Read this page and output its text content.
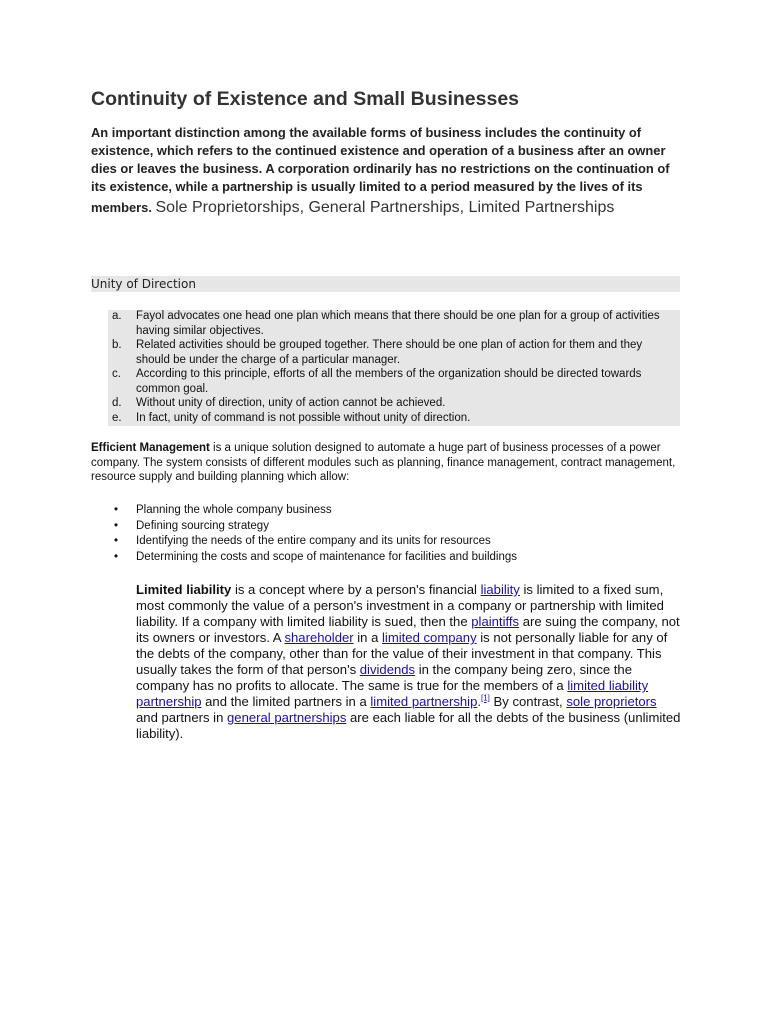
Continuity of Existence and Small Businesses

An important distinction among the available forms of business includes the continuity of existence, which refers to the continued existence and operation of a business after an owner dies or leaves the business. A corporation ordinarily has no restrictions on the continuation of its existence, while a partnership is usually limited to a period measured by the lives of its members. Sole Proprietorships, General Partnerships, Limited Partnerships

Unity of Direction
a. Fayol advocates one head one plan which means that there should be one plan for a group of activities having similar objectives.
b. Related activities should be grouped together. There should be one plan of action for them and they should be under the charge of a particular manager.
c. According to this principle, efforts of all the members of the organization should be directed towards common goal.
d. Without unity of direction, unity of action cannot be achieved.
e. In fact, unity of command is not possible without unity of direction.

Efficient Management is a unique solution designed to automate a huge part of business processes of a power company. The system consists of different modules such as planning, finance management, contract management, resource supply and building planning which allow:

• Planning the whole company business
• Defining sourcing strategy
• Identifying the needs of the entire company and its units for resources
• Determining the costs and scope of maintenance for facilities and buildings

Limited liability is a concept where by a person's financial liability is limited to a fixed sum, most commonly the value of a person's investment in a company or partnership with limited liability. If a company with limited liability is sued, then the plaintiffs are suing the company, not its owners or investors. A shareholder in a limited company is not personally liable for any of the debts of the company, other than for the value of their investment in that company. This usually takes the form of that person's dividends in the company being zero, since the company has no profits to allocate. The same is true for the members of a limited liability partnership and the limited partners in a limited partnership.[1] By contrast, sole proprietors and partners in general partnerships are each liable for all the debts of the business (unlimited liability).
